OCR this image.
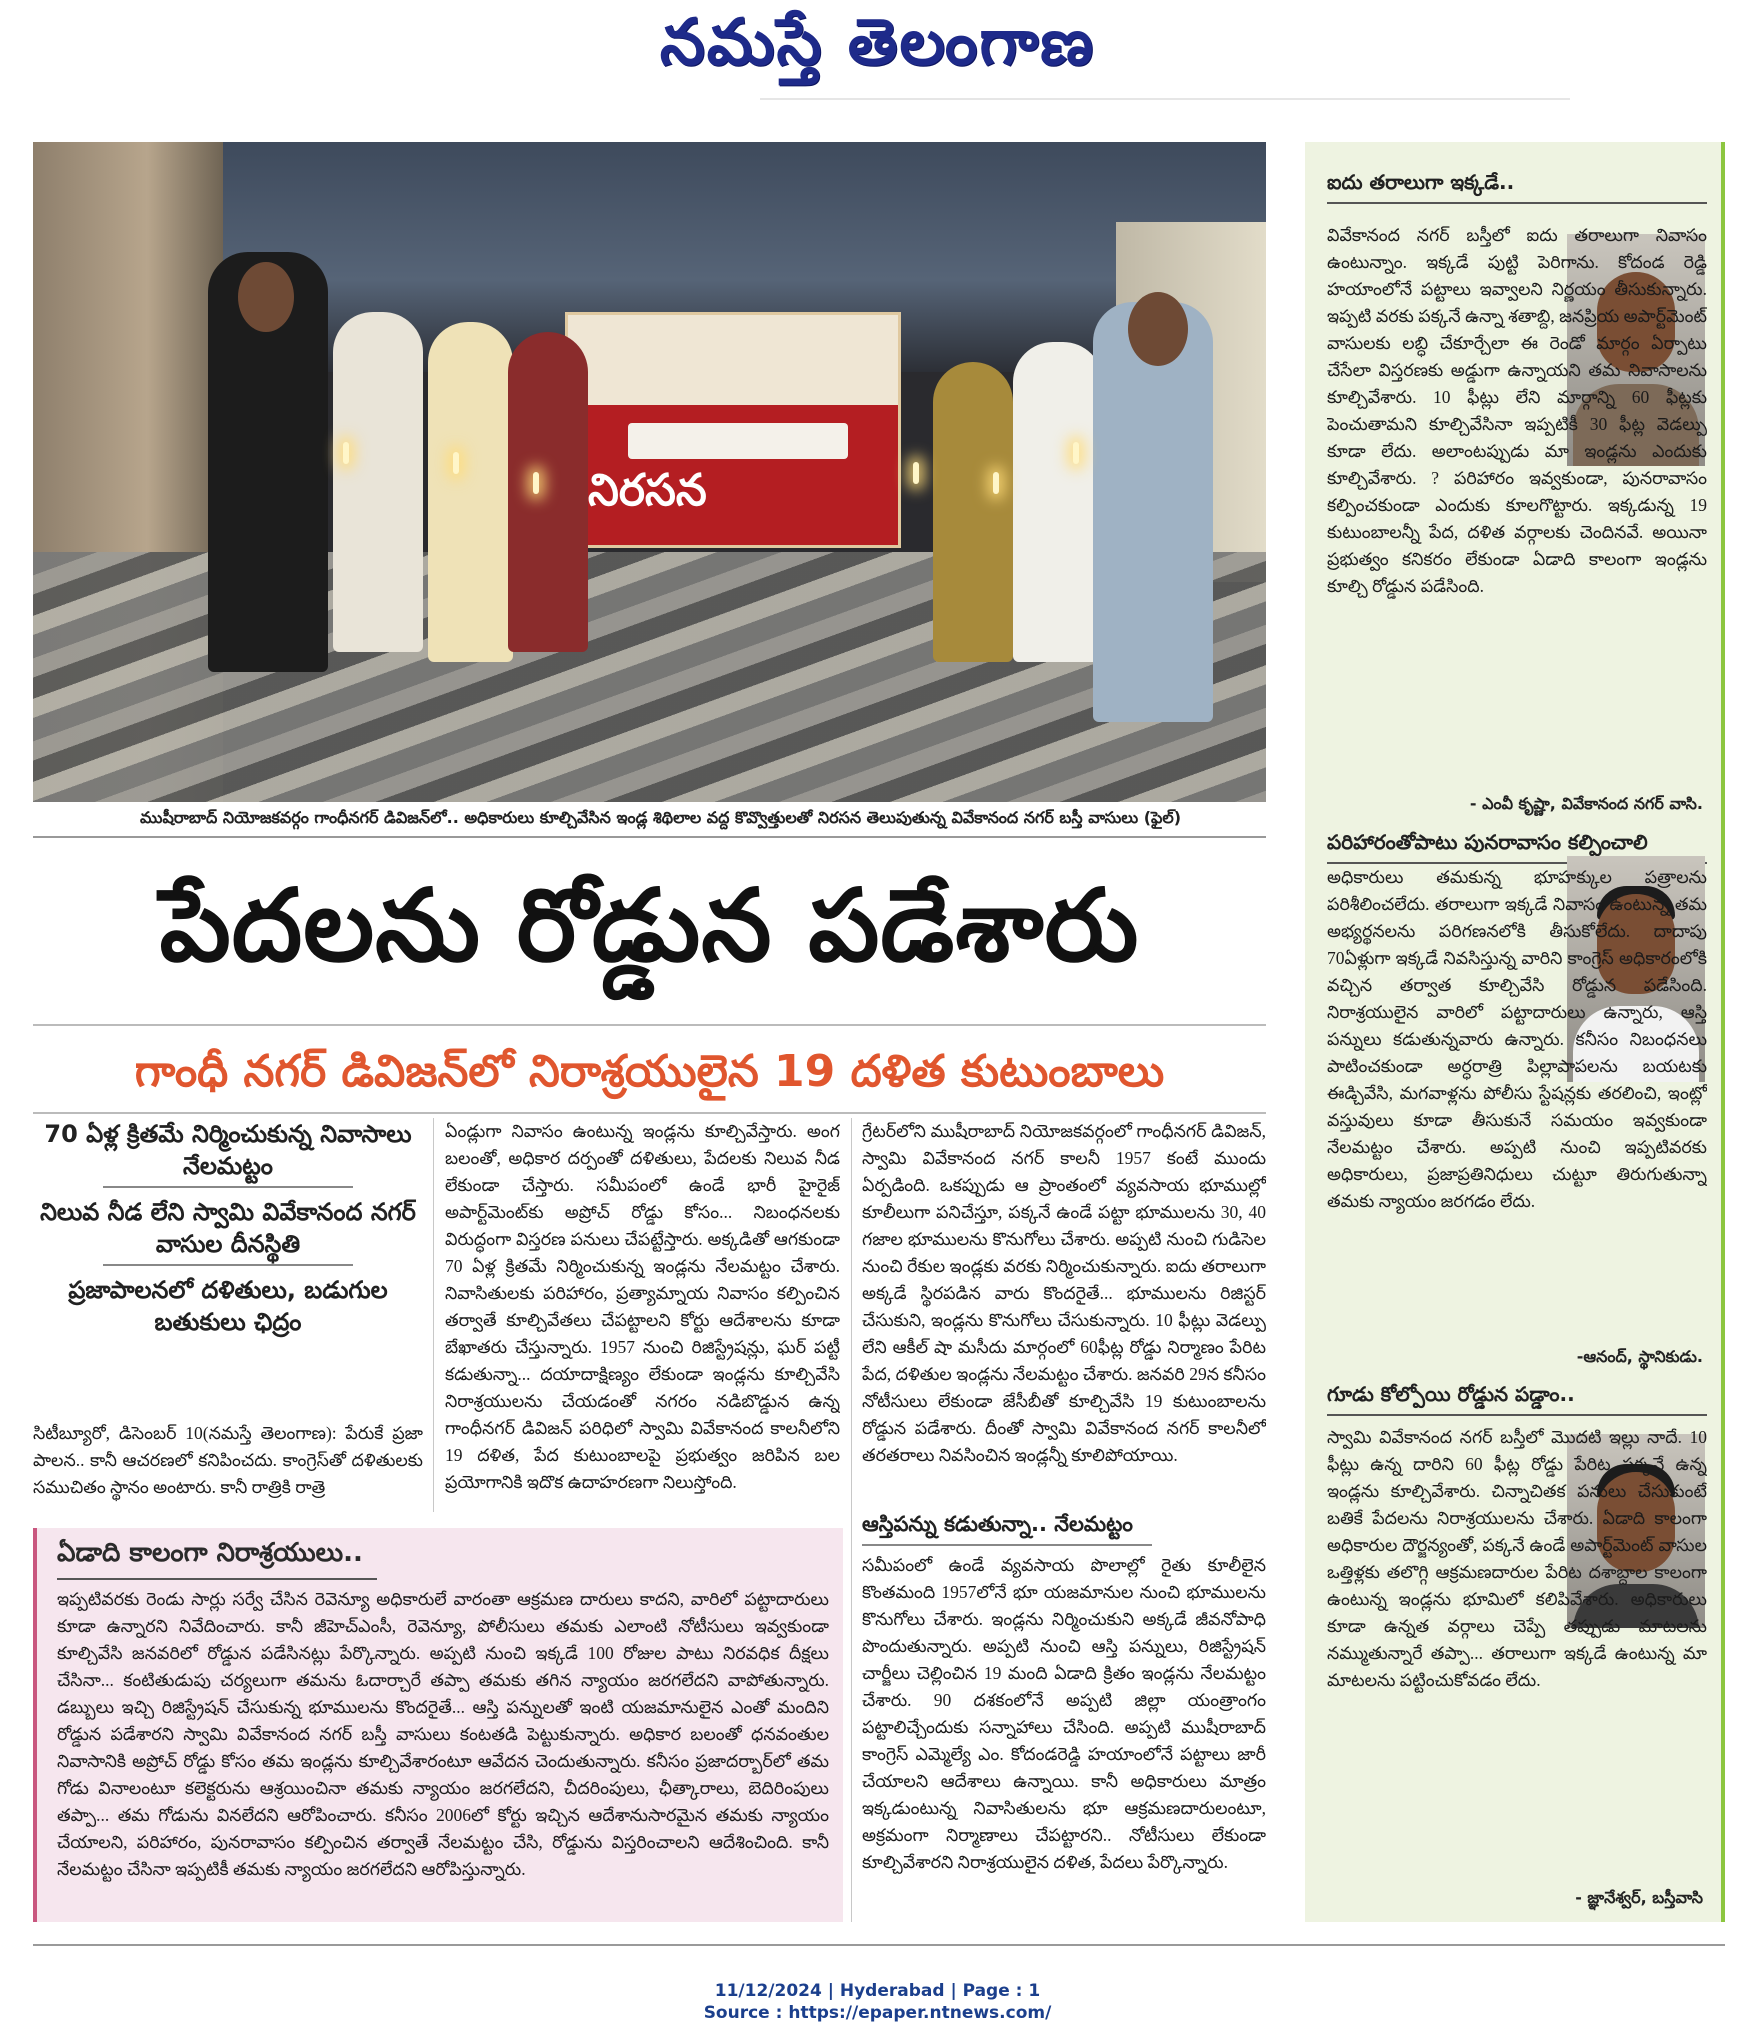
నమస్తే తెలంగాణ
నిరసన
ముషీరాబాద్ నియోజకవర్గం గాంధీనగర్ డివిజన్‌లో.. అధికారులు కూల్చివేసిన ఇండ్ల శిథిలాల వద్ద కొవ్వొత్తులతో నిరసన తెలుపుతున్న వివేకానంద నగర్ బస్తీ వాసులు (ఫైల్)
పేదలను రోడ్డున పడేశారు
గాంధీ నగర్ డివిజన్‌లో నిరాశ్రయులైన 19 దళిత కుటుంబాలు
70 ఏళ్ల క్రితమే నిర్మించుకున్న నివాసాలు నేలమట్టం
నిలువ నీడ లేని స్వామి వివేకానంద నగర్ వాసుల దీనస్థితి
ప్రజాపాలనలో దళితులు, బడుగుల బతుకులు ఛిద్రం
సిటీబ్యూరో, డిసెంబర్ 10(నమస్తే తెలంగాణ): పేరుకే ప్రజా పాలన.. కానీ ఆచరణలో కనిపించదు. కాంగ్రెస్‌తో దళితులకు సముచితం స్థానం అంటారు. కానీ రాత్రికి రాత్రె
ఏండ్లుగా నివాసం ఉంటున్న ఇండ్లను కూల్చివేస్తారు. అంగ బలంతో, అధికార దర్పంతో దళితులు, పేదలకు నిలువ నీడ లేకుండా చేస్తారు. సమీపంలో ఉండే భారీ హైరైజ్ అపార్ట్‌మెంట్‌కు అప్రోచ్ రోడ్డు కోసం... నిబంధనలకు విరుద్ధంగా విస్తరణ పనులు చేపట్టేస్తారు. అక్కడితో ఆగకుండా 70 ఏళ్ల క్రితమే నిర్మించుకున్న ఇండ్లను నేలమట్టం చేశారు. నివాసితులకు పరిహారం, ప్రత్యామ్నాయ నివాసం కల్పించిన తర్వాతే కూల్చివేతలు చేపట్టాలని కోర్టు ఆదేశాలను కూడా బేఖాతరు చేస్తున్నారు. 1957 నుంచి రిజిస్ట్రేషన్లు, ఘర్ పట్టీ కడుతున్నా... దయాదాక్షిణ్యం లేకుండా ఇండ్లను కూల్చివేసి నిరాశ్రయులను చేయడంతో నగరం నడిబొడ్డున ఉన్న గాంధీనగర్ డివిజన్ పరిధిలో స్వామి వివేకానంద కాలనీలోని 19 దళిత, పేద కుటుంబాలపై ప్రభుత్వం జరిపిన బల ప్రయోగానికి ఇదొక ఉదాహరణగా నిలుస్తోంది.
గ్రేటర్‌లోని ముషీరాబాద్ నియోజకవర్గంలో గాంధీనగర్ డివిజన్, స్వామి వివేకానంద నగర్ కాలనీ 1957 కంటే ముందు ఏర్పడింది. ఒకప్పుడు ఆ ప్రాంతంలో వ్యవసాయ భూముల్లో కూలీలుగా పనిచేస్తూ, పక్కనే ఉండే పట్టా భూములను 30, 40 గజాల భూములను కొనుగోలు చేశారు. అప్పటి నుంచి గుడిసెల నుంచి రేకుల ఇండ్లకు వరకు నిర్మించుకున్నారు. ఐదు తరాలుగా అక్కడే స్థిరపడిన వారు కొందరైతే... భూములను రిజిస్టర్ చేసుకుని, ఇండ్లను కొనుగోలు చేసుకున్నారు. 10 ఫీట్లు వెడల్పు లేని ఆకీల్ షా మసీదు మార్గంలో 60ఫీట్ల రోడ్డు నిర్మాణం పేరిట పేద, దళితుల ఇండ్లను నేలమట్టం చేశారు. జనవరి 29న కనీసం నోటీసులు లేకుండా జేసీబీతో కూల్చివేసి 19 కుటుంబాలను రోడ్డున పడేశారు. దీంతో స్వామి వివేకానంద నగర్ కాలనీలో తరతరాలు నివసించిన ఇండ్లన్నీ కూలిపోయాయి.
ఆస్తిపన్ను కడుతున్నా.. నేలమట్టం
సమీపంలో ఉండే వ్యవసాయ పొలాల్లో రైతు కూలీలైన కొంతమంది 1957లోనే భూ యజమానుల నుంచి భూములను కొనుగోలు చేశారు. ఇండ్లను నిర్మించుకుని అక్కడే జీవనోపాధి పొందుతున్నారు. అప్పటి నుంచి ఆస్తి పన్నులు, రిజిస్ట్రేషన్ చార్జీలు చెల్లించిన 19 మంది ఏడాది క్రితం ఇండ్లను నేలమట్టం చేశారు. 90 దశకంలోనే అప్పటి జిల్లా యంత్రాంగం పట్టాలిచ్చేందుకు సన్నాహాలు చేసింది. అప్పటి ముషీరాబాద్ కాంగ్రెస్ ఎమ్మెల్యే ఎం. కోదండరెడ్డి హయాంలోనే పట్టాలు జారీ చేయాలని ఆదేశాలు ఉన్నాయి. కానీ అధికారులు మాత్రం ఇక్కడుంటున్న నివాసితులను భూ ఆక్రమణదారులంటూ, అక్రమంగా నిర్మాణాలు చేపట్టారని.. నోటీసులు లేకుండా కూల్చివేశారని నిరాశ్రయులైన దళిత, పేదలు పేర్కొన్నారు.
ఏడాది కాలంగా నిరాశ్రయులు..
ఇప్పటివరకు రెండు సార్లు సర్వే చేసిన రెవెన్యూ అధికారులే వారంతా ఆక్రమణ దారులు కాదని, వారిలో పట్టాదారులు కూడా ఉన్నారని నివేదించారు. కానీ జీహెచ్‌ఎంసీ, రెవెన్యూ, పోలీసులు తమకు ఎలాంటి నోటీసులు ఇవ్వకుండా కూల్చివేసి జనవరిలో రోడ్డున పడేసినట్లు పేర్కొన్నారు. అప్పటి నుంచి ఇక్కడే 100 రోజుల పాటు నిరవధిక దీక్షలు చేసినా... కంటితుడుపు చర్యలుగా తమను ఓదార్చారే తప్పా తమకు తగిన న్యాయం జరగలేదని వాపోతున్నారు. డబ్బులు ఇచ్చి రిజిస్ట్రేషన్ చేసుకున్న భూములను కొందరైతే... ఆస్తి పన్నులతో ఇంటి యజమానులైన ఎంతో మందిని రోడ్డున పడేశారని స్వామి వివేకానంద నగర్ బస్తీ వాసులు కంటతడి పెట్టుకున్నారు. అధికార బలంతో ధనవంతుల నివాసానికి అప్రోచ్ రోడ్డు కోసం తమ ఇండ్లను కూల్చివేశారంటూ ఆవేదన చెందుతున్నారు. కనీసం ప్రజాదర్బార్‌లో తమ గోడు వినాలంటూ కలెక్టరును ఆశ్రయించినా తమకు న్యాయం జరగలేదని, చీదరింపులు, ఛీత్కారాలు, బెదిరింపులు తప్పా... తమ గోడును వినలేదని ఆరోపించారు. కనీసం 2006లో కోర్టు ఇచ్చిన ఆదేశానుసారమైన తమకు న్యాయం చేయాలని, పరిహారం, పునరావాసం కల్పించిన తర్వాతే నేలమట్టం చేసి, రోడ్డును విస్తరించాలని ఆదేశించింది. కానీ నేలమట్టం చేసినా ఇప్పటికీ తమకు న్యాయం జరగలేదని ఆరోపిస్తున్నారు.
ఐదు తరాలుగా ఇక్కడే..
వివేకానంద నగర్ బస్తీలో ఐదు తరాలుగా నివాసం ఉంటున్నాం. ఇక్కడే పుట్టి పెరిగాను. కోదండ రెడ్డి హయాంలోనే పట్టాలు ఇవ్వాలని నిర్ణయం తీసుకున్నారు. ఇప్పటి వరకు పక్కనే ఉన్నా శతాబ్ది, జనప్రియ అపార్ట్‌మెంట్ వాసులకు లబ్ధి చేకూర్చేలా ఈ రెండో మార్గం ఏర్పాటు చేసేలా విస్తరణకు అడ్డుగా ఉన్నాయని తమ నివాసాలను కూల్చివేశారు. 10 ఫీట్లు లేని మార్గాన్ని 60 ఫీట్లకు పెంచుతామని కూల్చివేసినా ఇప్పటికీ 30 ఫీట్ల వెడల్పు కూడా లేదు. అలాంటప్పుడు మా ఇండ్లను ఎందుకు కూల్చివేశారు. ? పరిహారం ఇవ్వకుండా, పునరావాసం కల్పించకుండా ఎందుకు కూలగొట్టారు. ఇక్కడున్న 19 కుటుంబాలన్నీ పేద, దళిత వర్గాలకు చెందినవే. అయినా ప్రభుత్వం కనికరం లేకుండా ఏడాది కాలంగా ఇండ్లను కూల్చి రోడ్డున పడేసింది.
- ఎంవీ కృష్ణా, వివేకానంద నగర్ వాసి.
పరిహారంతోపాటు పునరావాసం కల్పించాలి
అధికారులు తమకున్న భూహక్కుల పత్రాలను పరిశీలించలేదు. తరాలుగా ఇక్కడే నివాసం ఉంటున్న తమ అభ్యర్థనలను పరిగణనలోకి తీసుకోలేదు. దాదాపు 70ఏళ్లుగా ఇక్కడే నివసిస్తున్న వారిని కాంగ్రెస్ అధికారంలోకి వచ్చిన తర్వాత కూల్చివేసి రోడ్డున పడేసింది. నిరాశ్రయులైన వారిలో పట్టాదారులు ఉన్నారు, ఆస్తి పన్నులు కడుతున్నవారు ఉన్నారు. కనీసం నిబంధనలు పాటించకుండా అర్ధరాత్రి పిల్లాపాపలను బయటకు ఈడ్చివేసి, మగవాళ్లను పోలీసు స్టేషన్లకు తరలించి, ఇంట్లో వస్తువులు కూడా తీసుకునే సమయం ఇవ్వకుండా నేలమట్టం చేశారు. అప్పటి నుంచి ఇప్పటివరకు అధికారులు, ప్రజాప్రతినిధులు చుట్టూ తిరుగుతున్నా తమకు న్యాయం జరగడం లేదు.
-ఆనంద్, స్థానికుడు.
గూడు కోల్పోయి రోడ్డున పడ్డాం..
స్వామి వివేకానంద నగర్ బస్తీలో మొదటి ఇల్లు నాదే. 10 ఫీట్లు ఉన్న దారిని 60 ఫీట్ల రోడ్డు పేరిట పక్కనే ఉన్న ఇండ్లను కూల్చివేశారు. చిన్నాచితక పనులు చేసుకుంటే బతికే పేదలను నిరాశ్రయులను చేశారు. ఏడాది కాలంగా అధికారుల దౌర్జన్యంతో, పక్కనే ఉండే అపార్ట్‌మెంట్ వాసుల ఒత్తిళ్లకు తలొగ్గి ఆక్రమణదారుల పేరిట దశాబ్దాల కాలంగా ఉంటున్న ఇండ్లను భూమిలో కలిపివేశారు. అధికారులు కూడా ఉన్నత వర్గాలు చెప్పే తప్పుడు మాటలను నమ్ముతున్నారే తప్పా... తరాలుగా ఇక్కడే ఉంటున్న మా మాటలను పట్టించుకోవడం లేదు.
- జ్ఞానేశ్వర్, బస్తీవాసి
11/12/2024 | Hyderabad | Page : 1
Source : https://epaper.ntnews.com/
